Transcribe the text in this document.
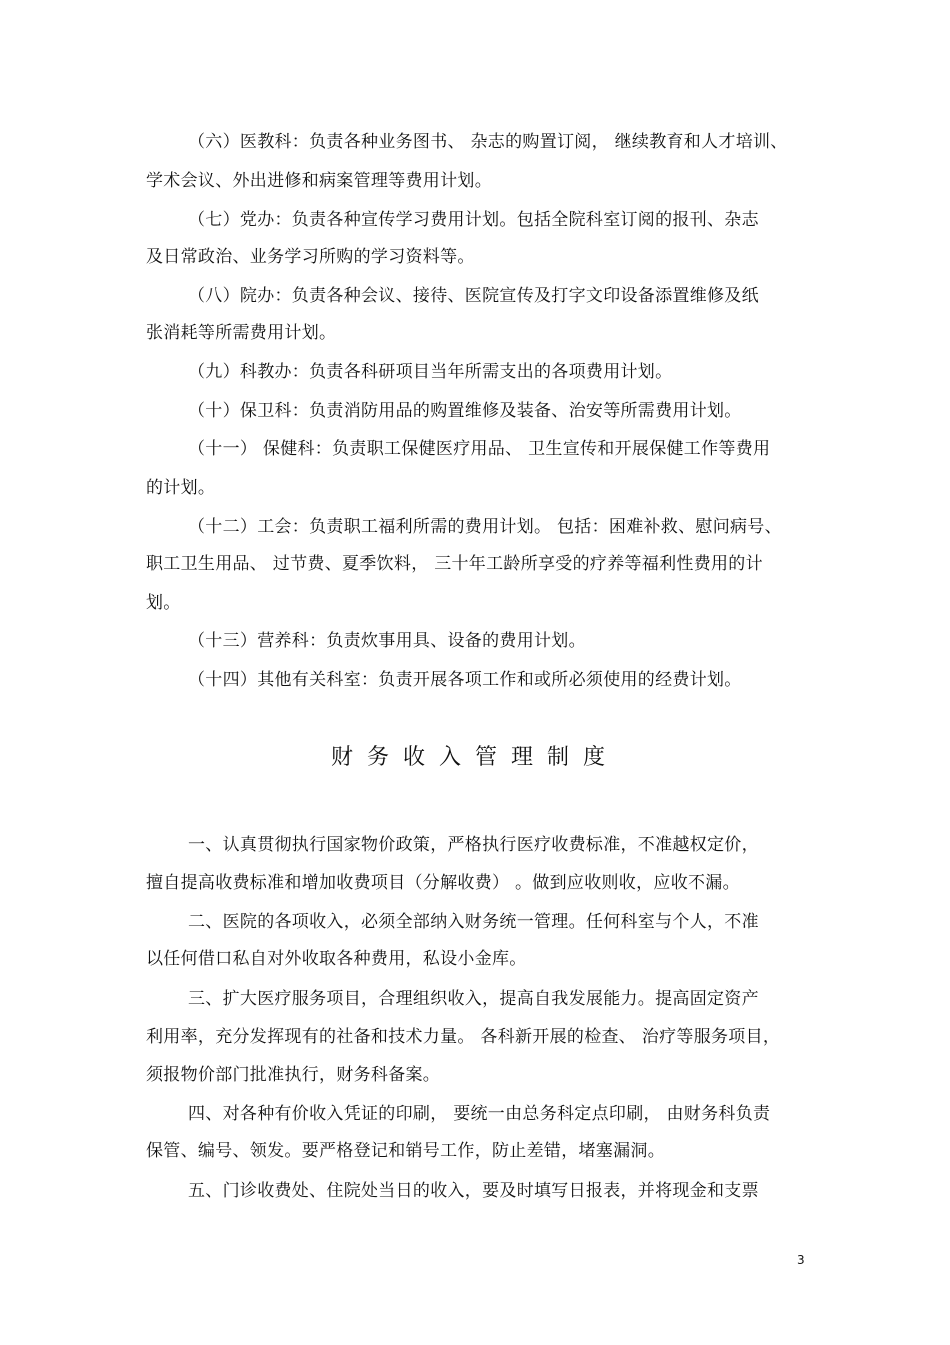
（六）医教科：负责各种业务图书、 杂志的购置订阅， 继续教育和人才培训、
学术会议、外出进修和病案管理等费用计划。
（七）党办：负责各种宣传学习费用计划。包括全院科室订阅的报刊、杂志
及日常政治、业务学习所购的学习资料等。
（八）院办：负责各种会议、接待、医院宣传及打字文印设备添置维修及纸
张消耗等所需费用计划。
（九）科教办：负责各科研项目当年所需支出的各项费用计划。
（十）保卫科：负责消防用品的购置维修及装备、治安等所需费用计划。
（十一） 保健科：负责职工保健医疗用品、 卫生宣传和开展保健工作等费用
的计划。
（十二）工会：负责职工福利所需的费用计划。 包括：困难补救、慰问病号、
职工卫生用品、 过节费、夏季饮料， 三十年工龄所享受的疗养等福利性费用的计
划。
（十三）营养科：负责炊事用具、设备的费用计划。
（十四）其他有关科室：负责开展各项工作和或所必须使用的经费计划。
财务收入管理制度
一、认真贯彻执行国家物价政策，严格执行医疗收费标准，不准越权定价，
擅自提高收费标准和增加收费项目（分解收费） 。做到应收则收，应收不漏。
二、医院的各项收入，必须全部纳入财务统一管理。任何科室与个人，不准
以任何借口私自对外收取各种费用，私设小金库。
三、扩大医疗服务项目，合理组织收入，提高自我发展能力。提高固定资产
利用率，充分发挥现有的社备和技术力量。 各科新开展的检查、 治疗等服务项目，
须报物价部门批准执行，财务科备案。
四、对各种有价收入凭证的印刷， 要统一由总务科定点印刷， 由财务科负责
保管、编号、领发。要严格登记和销号工作，防止差错，堵塞漏洞。
五、门诊收费处、住院处当日的收入，要及时填写日报表，并将现金和支票
3
